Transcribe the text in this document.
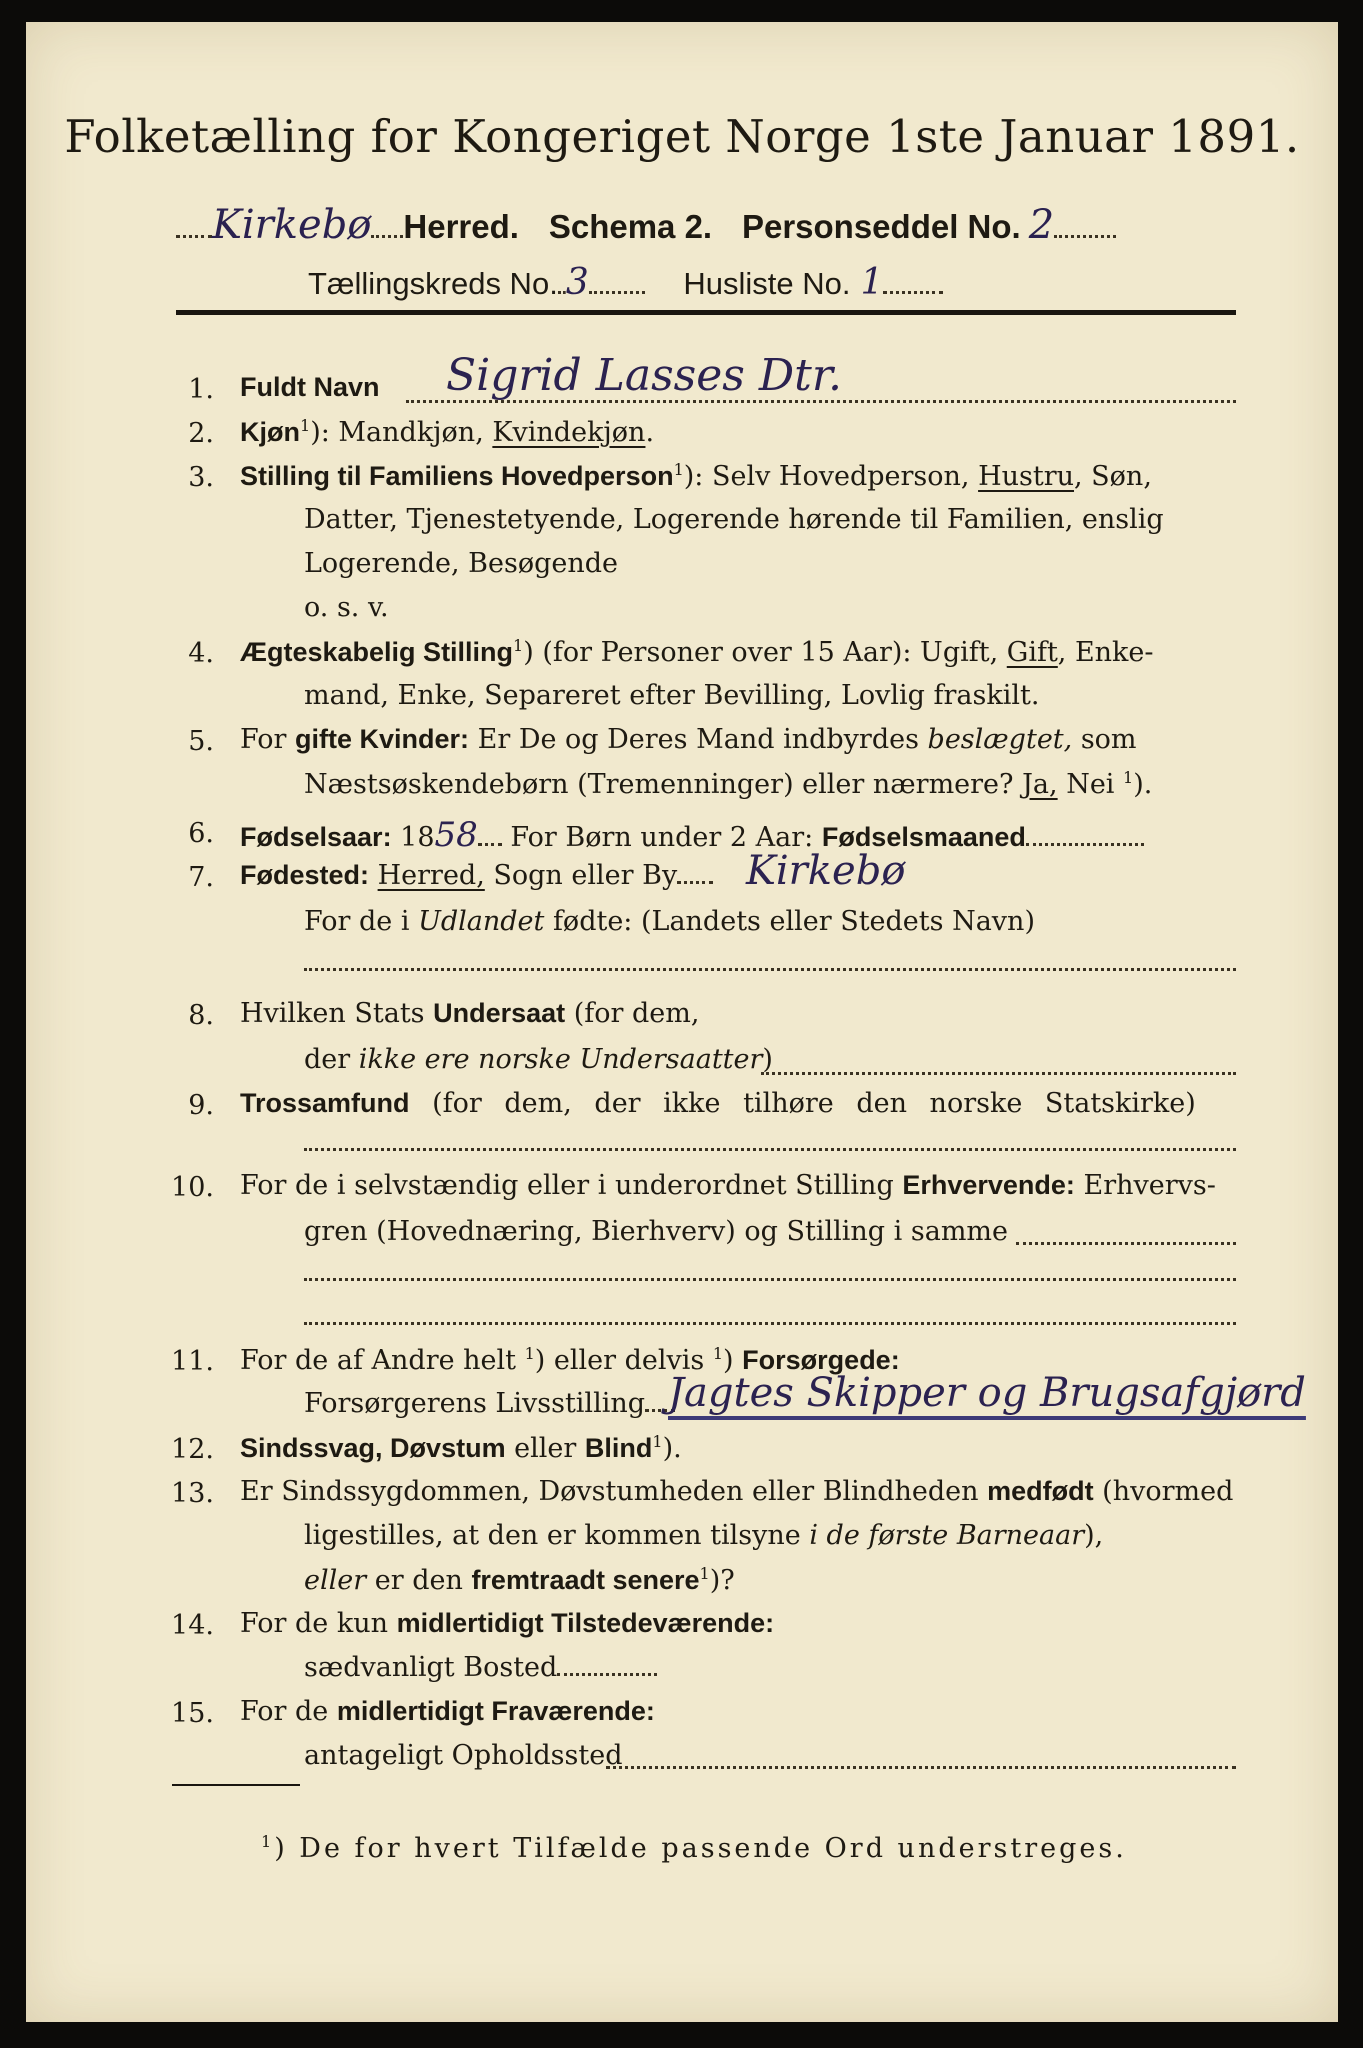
Folketælling for Kongeriget Norge 1ste Januar 1891.
Kirkebø Herred. Schema 2. Personseddel No. 2
Tællingskreds No. 3	Husliste No. 1
1. Fuldt Navn Sigrid Lasses Dtr.
2. Kjøn$^1$): Mandkjøn, Kvindekjøn.
3. Stilling til Familiens Hovedperson$^1$): Selv Hovedperson, Hustru, Søn,
Datter, Tjenestetyende, Logerende hørende til Familien, enslig
Logerende, Besøgende
o. s. v.
4. Ægteskabelig Stilling$^1$) (for Personer over 15 Aar): Ugift, Gift, Enke-
mand, Enke, Separeret efter Bevilling, Lovlig fraskilt.
5. For gifte Kvinder: Er De og Deres Mand indbyrdes beslægtet, som
Næstsøskendebørn (Tremenninger) eller nærmere? Ja, Nei $^1$).
6. Fødselsaar: 1858 For Børn under 2 Aar: Fødselsmaaned
7. Fødested: Herred, Sogn eller By	Kirkebø
For de i Udlandet fødte: (Landets eller Stedets Navn)
8. Hvilken Stats Undersaat (for dem,
der ikke ere norske Undersaatter)
9. Trossamfund (for dem, der ikke tilhøre den norske Statskirke)
10. For de i selvstændig eller i underordnet Stilling Erhvervende: Erhvervs-
gren (Hovednæring, Bierhverv) og Stilling i samme
11. For de af Andre helt $^1$) eller delvis $^1$) Forsørgede:
Forsørgerens Livsstilling Jagtes Skipper og Brugsafgjørd
12. Sindssvag, Døvstum eller Blind$^1$).
13. Er Sindssygdommen, Døvstumheden eller Blindheden medfødt (hvormed
ligestilles, at den er kommen tilsyne i de første Barneaar),
eller er den fremtraadt senere$^1$)?
14. For de kun midlertidigt Tilstedeværende:
sædvanligt Bosted
15. For de midlertidigt Fraværende:
antageligt Opholdssted
$^1$) De for hvert Tilfælde passende Ord understreges.
